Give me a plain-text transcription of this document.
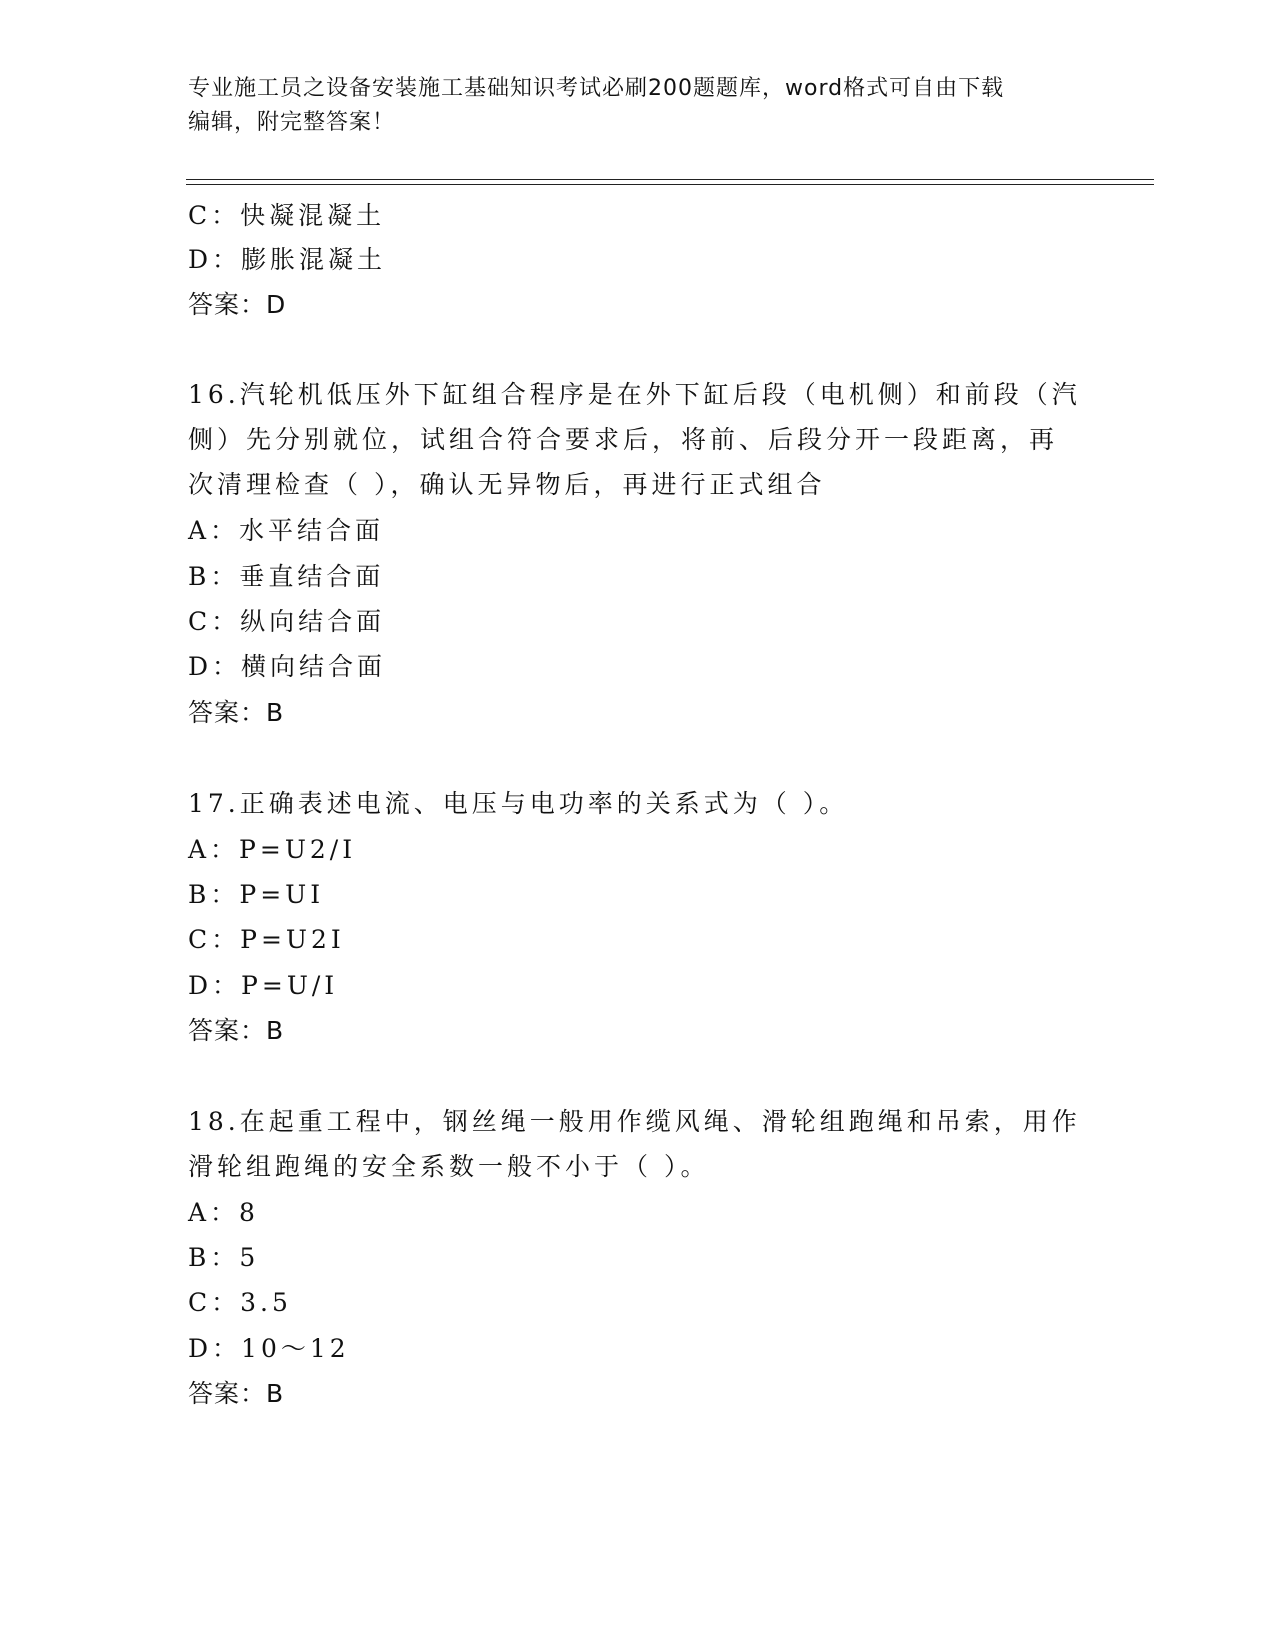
专业施工员之设备安装施工基础知识考试必刷200题题库，word格式可自由下载
编辑，附完整答案！
C：快凝混凝土
D：膨胀混凝土
答案：D
16.汽轮机低压外下缸组合程序是在外下缸后段（电机侧）和前段（汽
侧）先分别就位，试组合符合要求后，将前、后段分开一段距离，再
次清理检查（ ），确认无异物后，再进行正式组合
A：水平结合面
B：垂直结合面
C：纵向结合面
D：横向结合面
答案：B
17.正确表述电流、电压与电功率的关系式为（ ）。
A：P=U2/I
B：P=UI
C：P=U2I
D：P=U/I
答案：B
18.在起重工程中，钢丝绳一般用作缆风绳、滑轮组跑绳和吊索，用作
滑轮组跑绳的安全系数一般不小于（ ）。
A：8
B：5
C：3.5
D：10～12
答案：B
